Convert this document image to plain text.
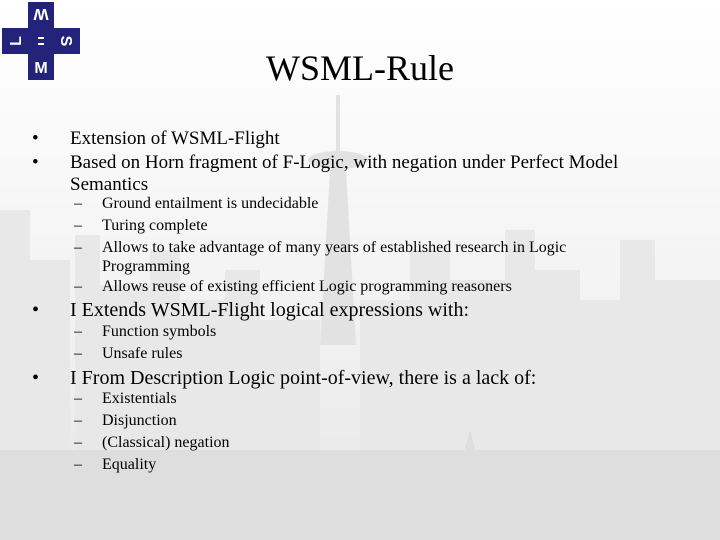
W
S
M
L
WSML-Rule
• Extension of WSML-Flight
• Based on Horn fragment of F-Logic, with negation under Perfect Model
Semantics
– Ground entailment is undecidable
– Turing complete
– Allows to take advantage of many years of established research in Logic
Programming
– Allows reuse of existing efficient Logic programming reasoners
• I Extends WSML-Flight logical expressions with:
– Function symbols
– Unsafe rules
• I From Description Logic point-of-view, there is a lack of:
– Existentials
– Disjunction
– (Classical) negation
– Equality
